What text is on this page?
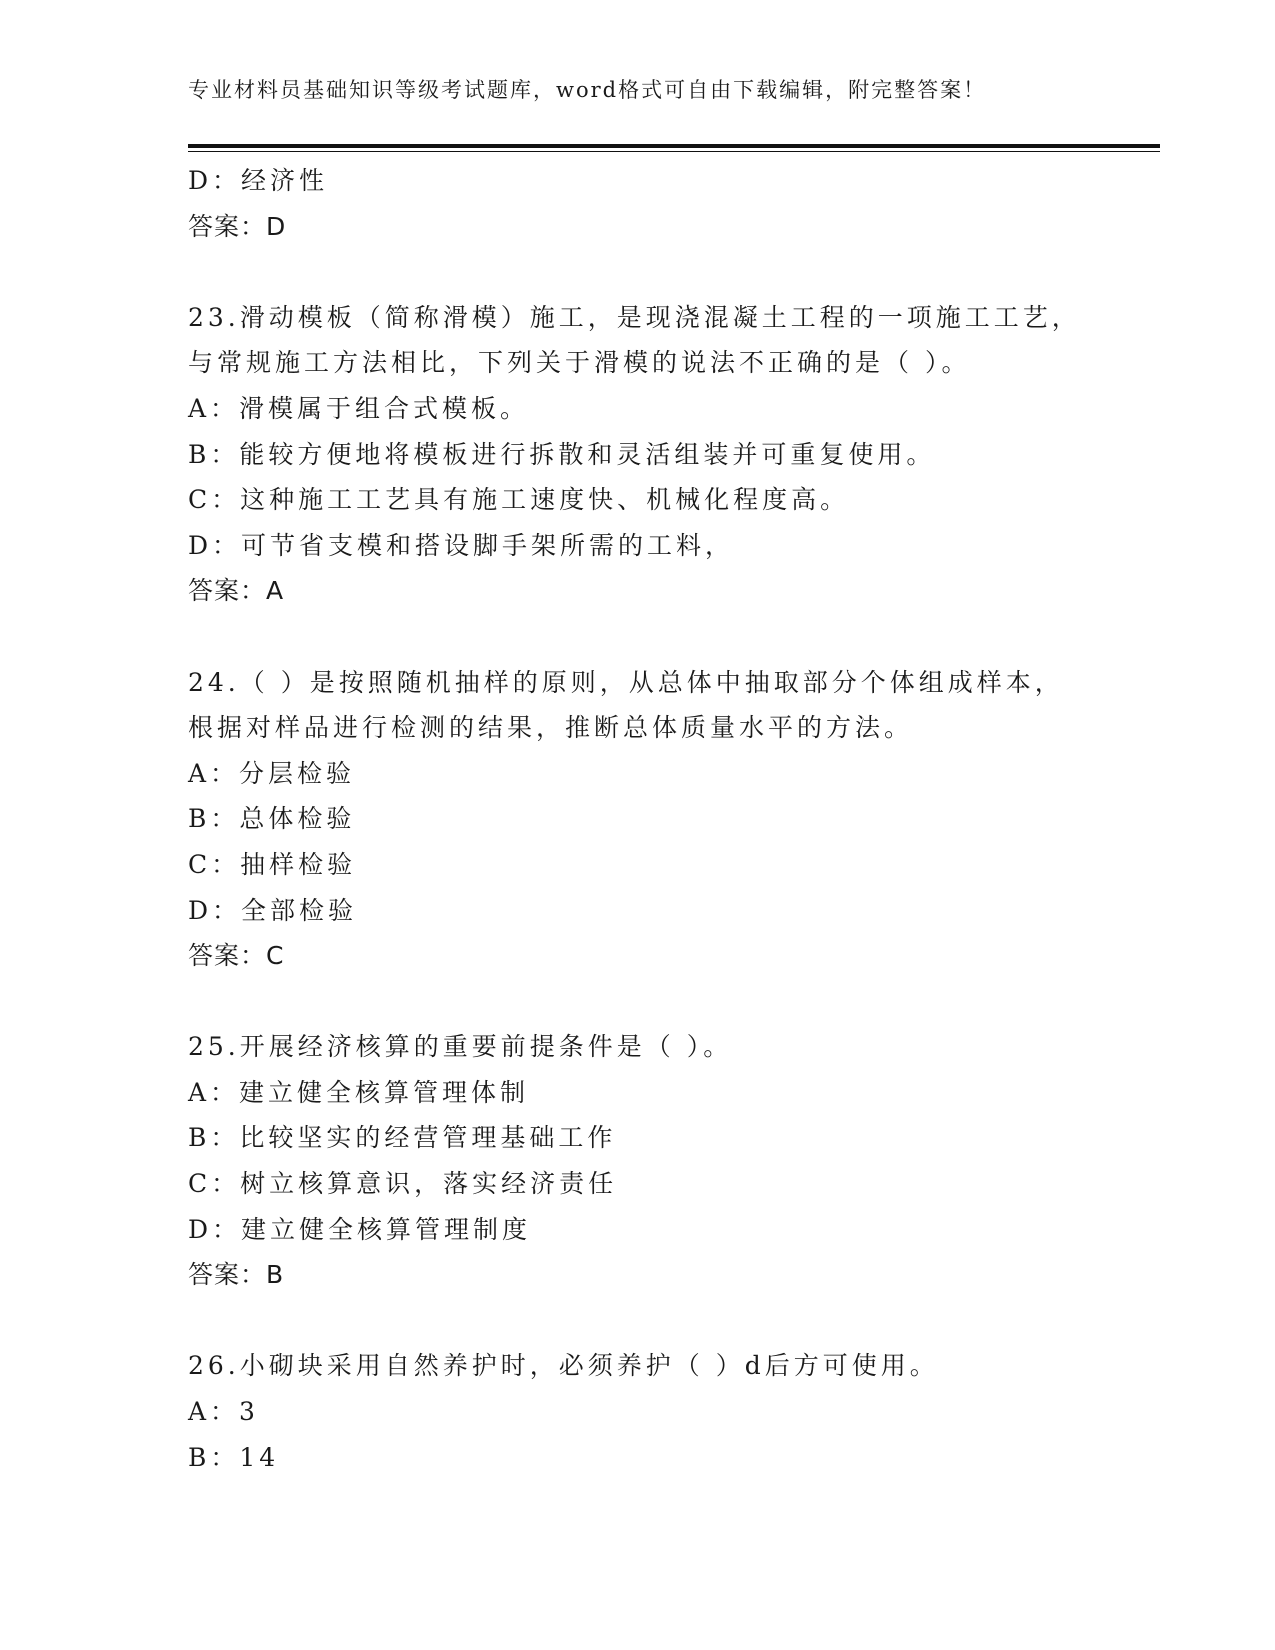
专业材料员基础知识等级考试题库，word格式可自由下载编辑，附完整答案！
D：经济性
答案：D
23.滑动模板（简称滑模）施工，是现浇混凝土工程的一项施工工艺，
与常规施工方法相比，下列关于滑模的说法不正确的是（ ）。
A：滑模属于组合式模板。
B：能较方便地将模板进行拆散和灵活组装并可重复使用。
C：这种施工工艺具有施工速度快、机械化程度高。
D：可节省支模和搭设脚手架所需的工料，
答案：A
24.（ ）是按照随机抽样的原则，从总体中抽取部分个体组成样本，
根据对样品进行检测的结果，推断总体质量水平的方法。
A：分层检验
B：总体检验
C：抽样检验
D：全部检验
答案：C
25.开展经济核算的重要前提条件是（ ）。
A：建立健全核算管理体制
B：比较坚实的经营管理基础工作
C：树立核算意识，落实经济责任
D：建立健全核算管理制度
答案：B
26.小砌块采用自然养护时，必须养护（ ）d后方可使用。
A：3
B：14
